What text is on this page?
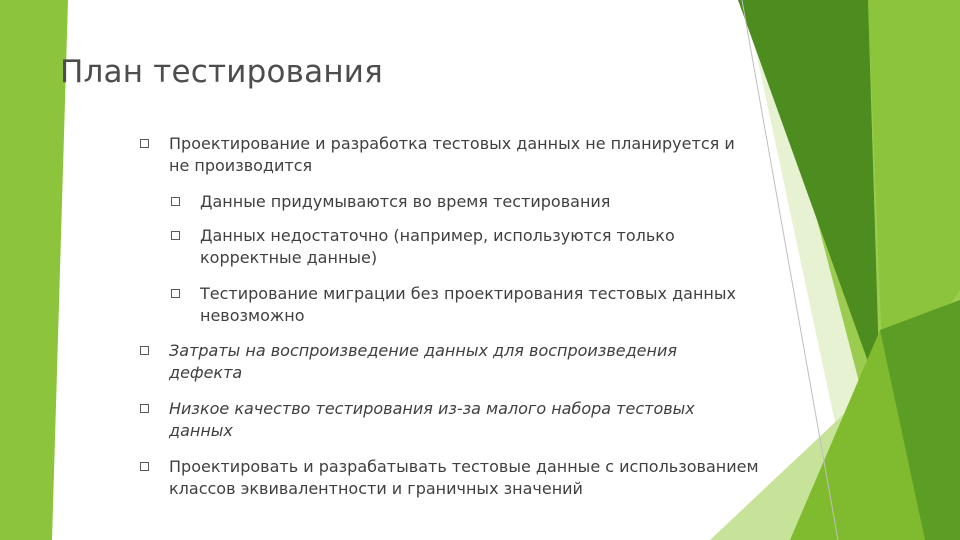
План тестирования
Проектирование и разработка тестовых данных не планируется и не производится
Данные придумываются во время тестирования
Данных недостаточно (например, используются только корректные данные)
Тестирование миграции без проектирования тестовых данных невозможно
Затраты на воспроизведение данных для воспроизведения дефекта
Низкое качество тестирования из-за малого набора тестовых данных
Проектировать и разрабатывать тестовые данные с использованием классов эквивалентности и граничных значений
